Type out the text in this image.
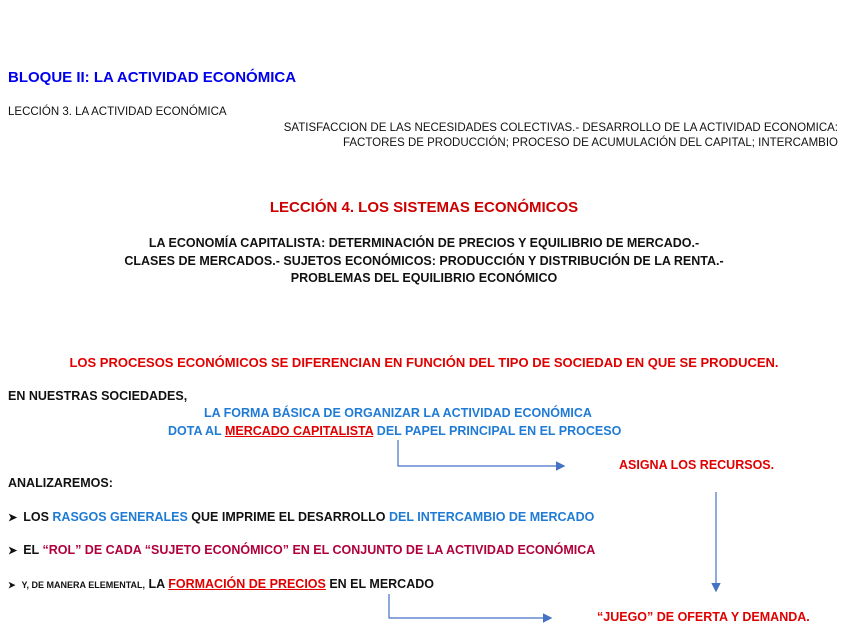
BLOQUE II: LA ACTIVIDAD ECONÓMICA
LECCIÓN 3. LA ACTIVIDAD ECONÓMICA
SATISFACCION DE LAS NECESIDADES COLECTIVAS.- DESARROLLO DE LA ACTIVIDAD ECONOMICA:
FACTORES DE PRODUCCIÓN; PROCESO DE ACUMULACIÓN DEL CAPITAL; INTERCAMBIO
LECCIÓN 4. LOS SISTEMAS ECONÓMICOS
LA ECONOMÍA CAPITALISTA: DETERMINACIÓN DE PRECIOS Y EQUILIBRIO DE MERCADO.-
CLASES DE MERCADOS.- SUJETOS ECONÓMICOS: PRODUCCIÓN Y DISTRIBUCIÓN DE LA RENTA.-
PROBLEMAS DEL EQUILIBRIO ECONÓMICO
LOS PROCESOS ECONÓMICOS SE DIFERENCIAN EN FUNCIÓN DEL TIPO DE SOCIEDAD EN QUE SE PRODUCEN.
EN NUESTRAS SOCIEDADES,
LA FORMA BÁSICA DE ORGANIZAR LA ACTIVIDAD ECONÓMICA
DOTA AL MERCADO CAPITALISTA DEL PAPEL PRINCIPAL EN EL PROCESO
ASIGNA LOS RECURSOS.
ANALIZAREMOS:
➤ LOS RASGOS GENERALES QUE IMPRIME EL DESARROLLO DEL INTERCAMBIO DE MERCADO
➤ EL “ROL” DE CADA “SUJETO ECONÓMICO” EN EL CONJUNTO DE LA ACTIVIDAD ECONÓMICA
➤ Y, DE MANERA ELEMENTAL, LA FORMACIÓN DE PRECIOS EN EL MERCADO
“JUEGO” DE OFERTA Y DEMANDA.
